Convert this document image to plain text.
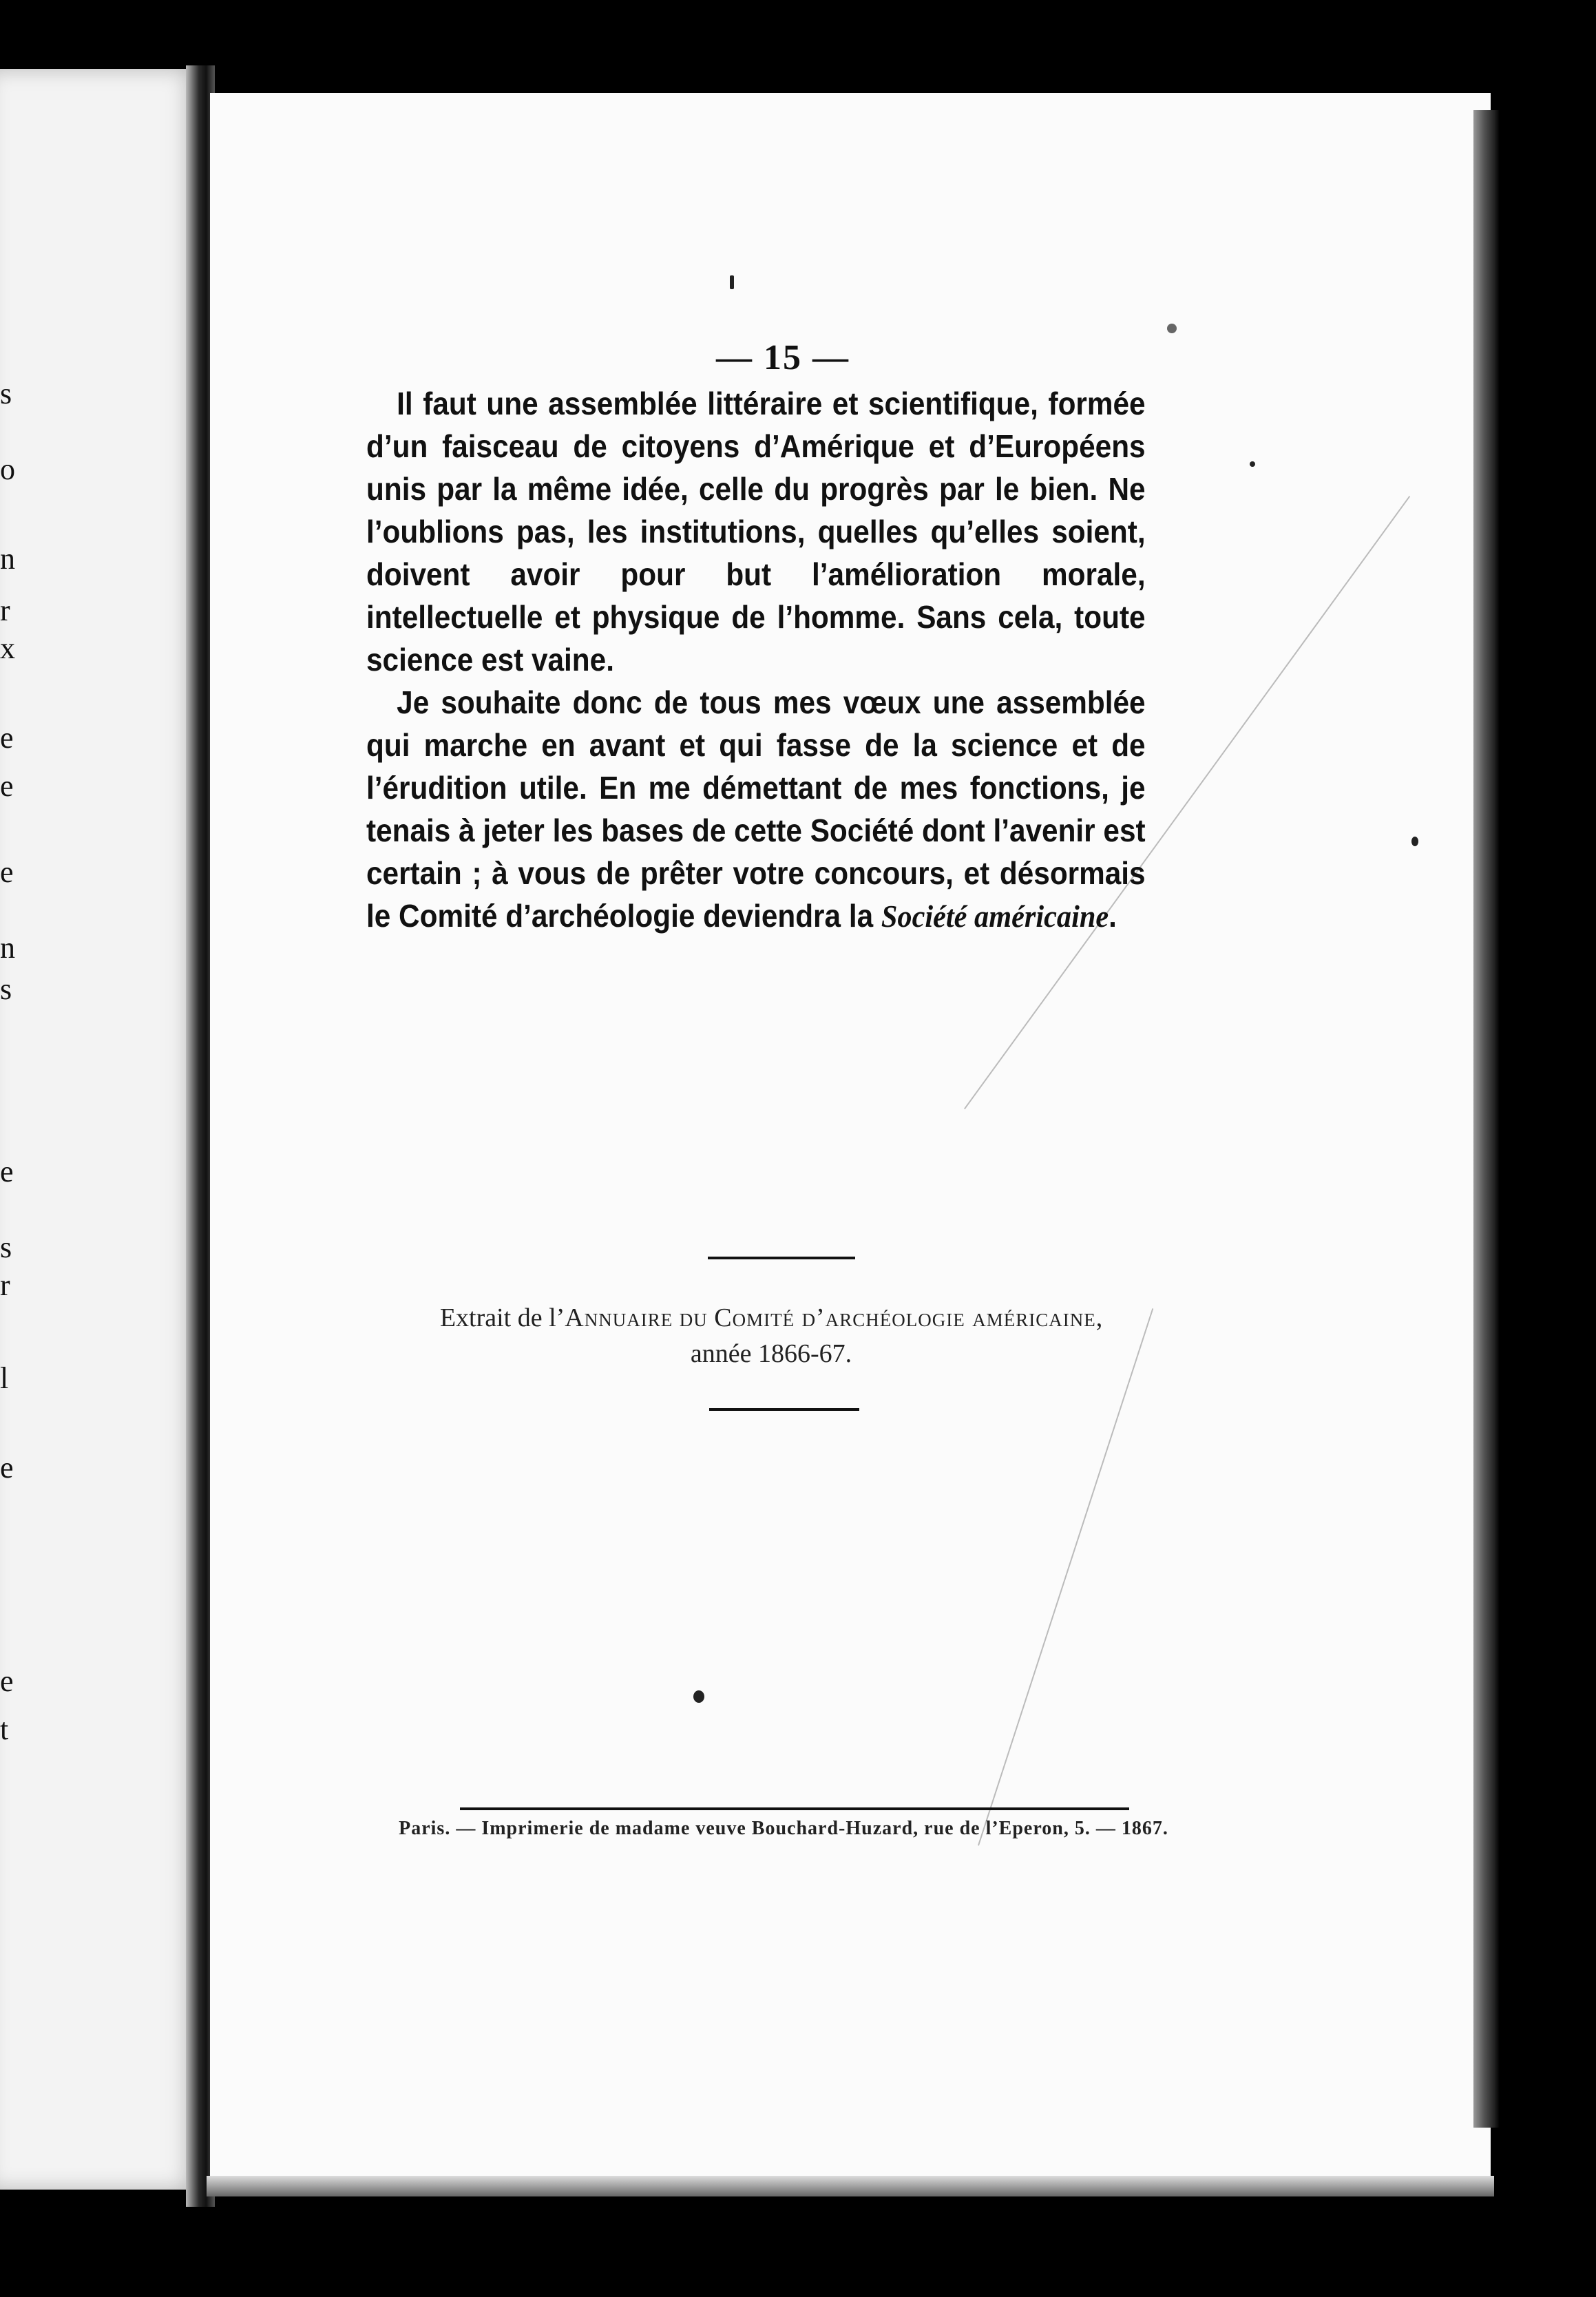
s
o
n
r
x
e
e
e
n
s
e
s
r
l
e
e
t
— 15 —

Il faut une assemblée littéraire et scientifique, formée d’un faisceau de citoyens d’Amérique et d’Européens unis par la même idée, celle du progrès par le bien. Ne l’oublions pas, les institutions, quelles qu’elles soient, doivent avoir pour but l’amélioration morale, intellectuelle et physique de l’homme. Sans cela, toute science est vaine.

Je souhaite donc de tous mes vœux une assemblée qui marche en avant et qui fasse de la science et de l’érudition utile. En me démettant de mes fonctions, je tenais à jeter les bases de cette Société dont l’avenir est certain ; à vous de prêter votre concours, et désormais le Comité d’archéologie deviendra la Société américaine.

Extrait de l’Annuaire du Comité d’archéologie américaine,
année 1866-67.
Paris. — Imprimerie de madame veuve Bouchard-Huzard, rue de l’Eperon, 5. — 1867.
